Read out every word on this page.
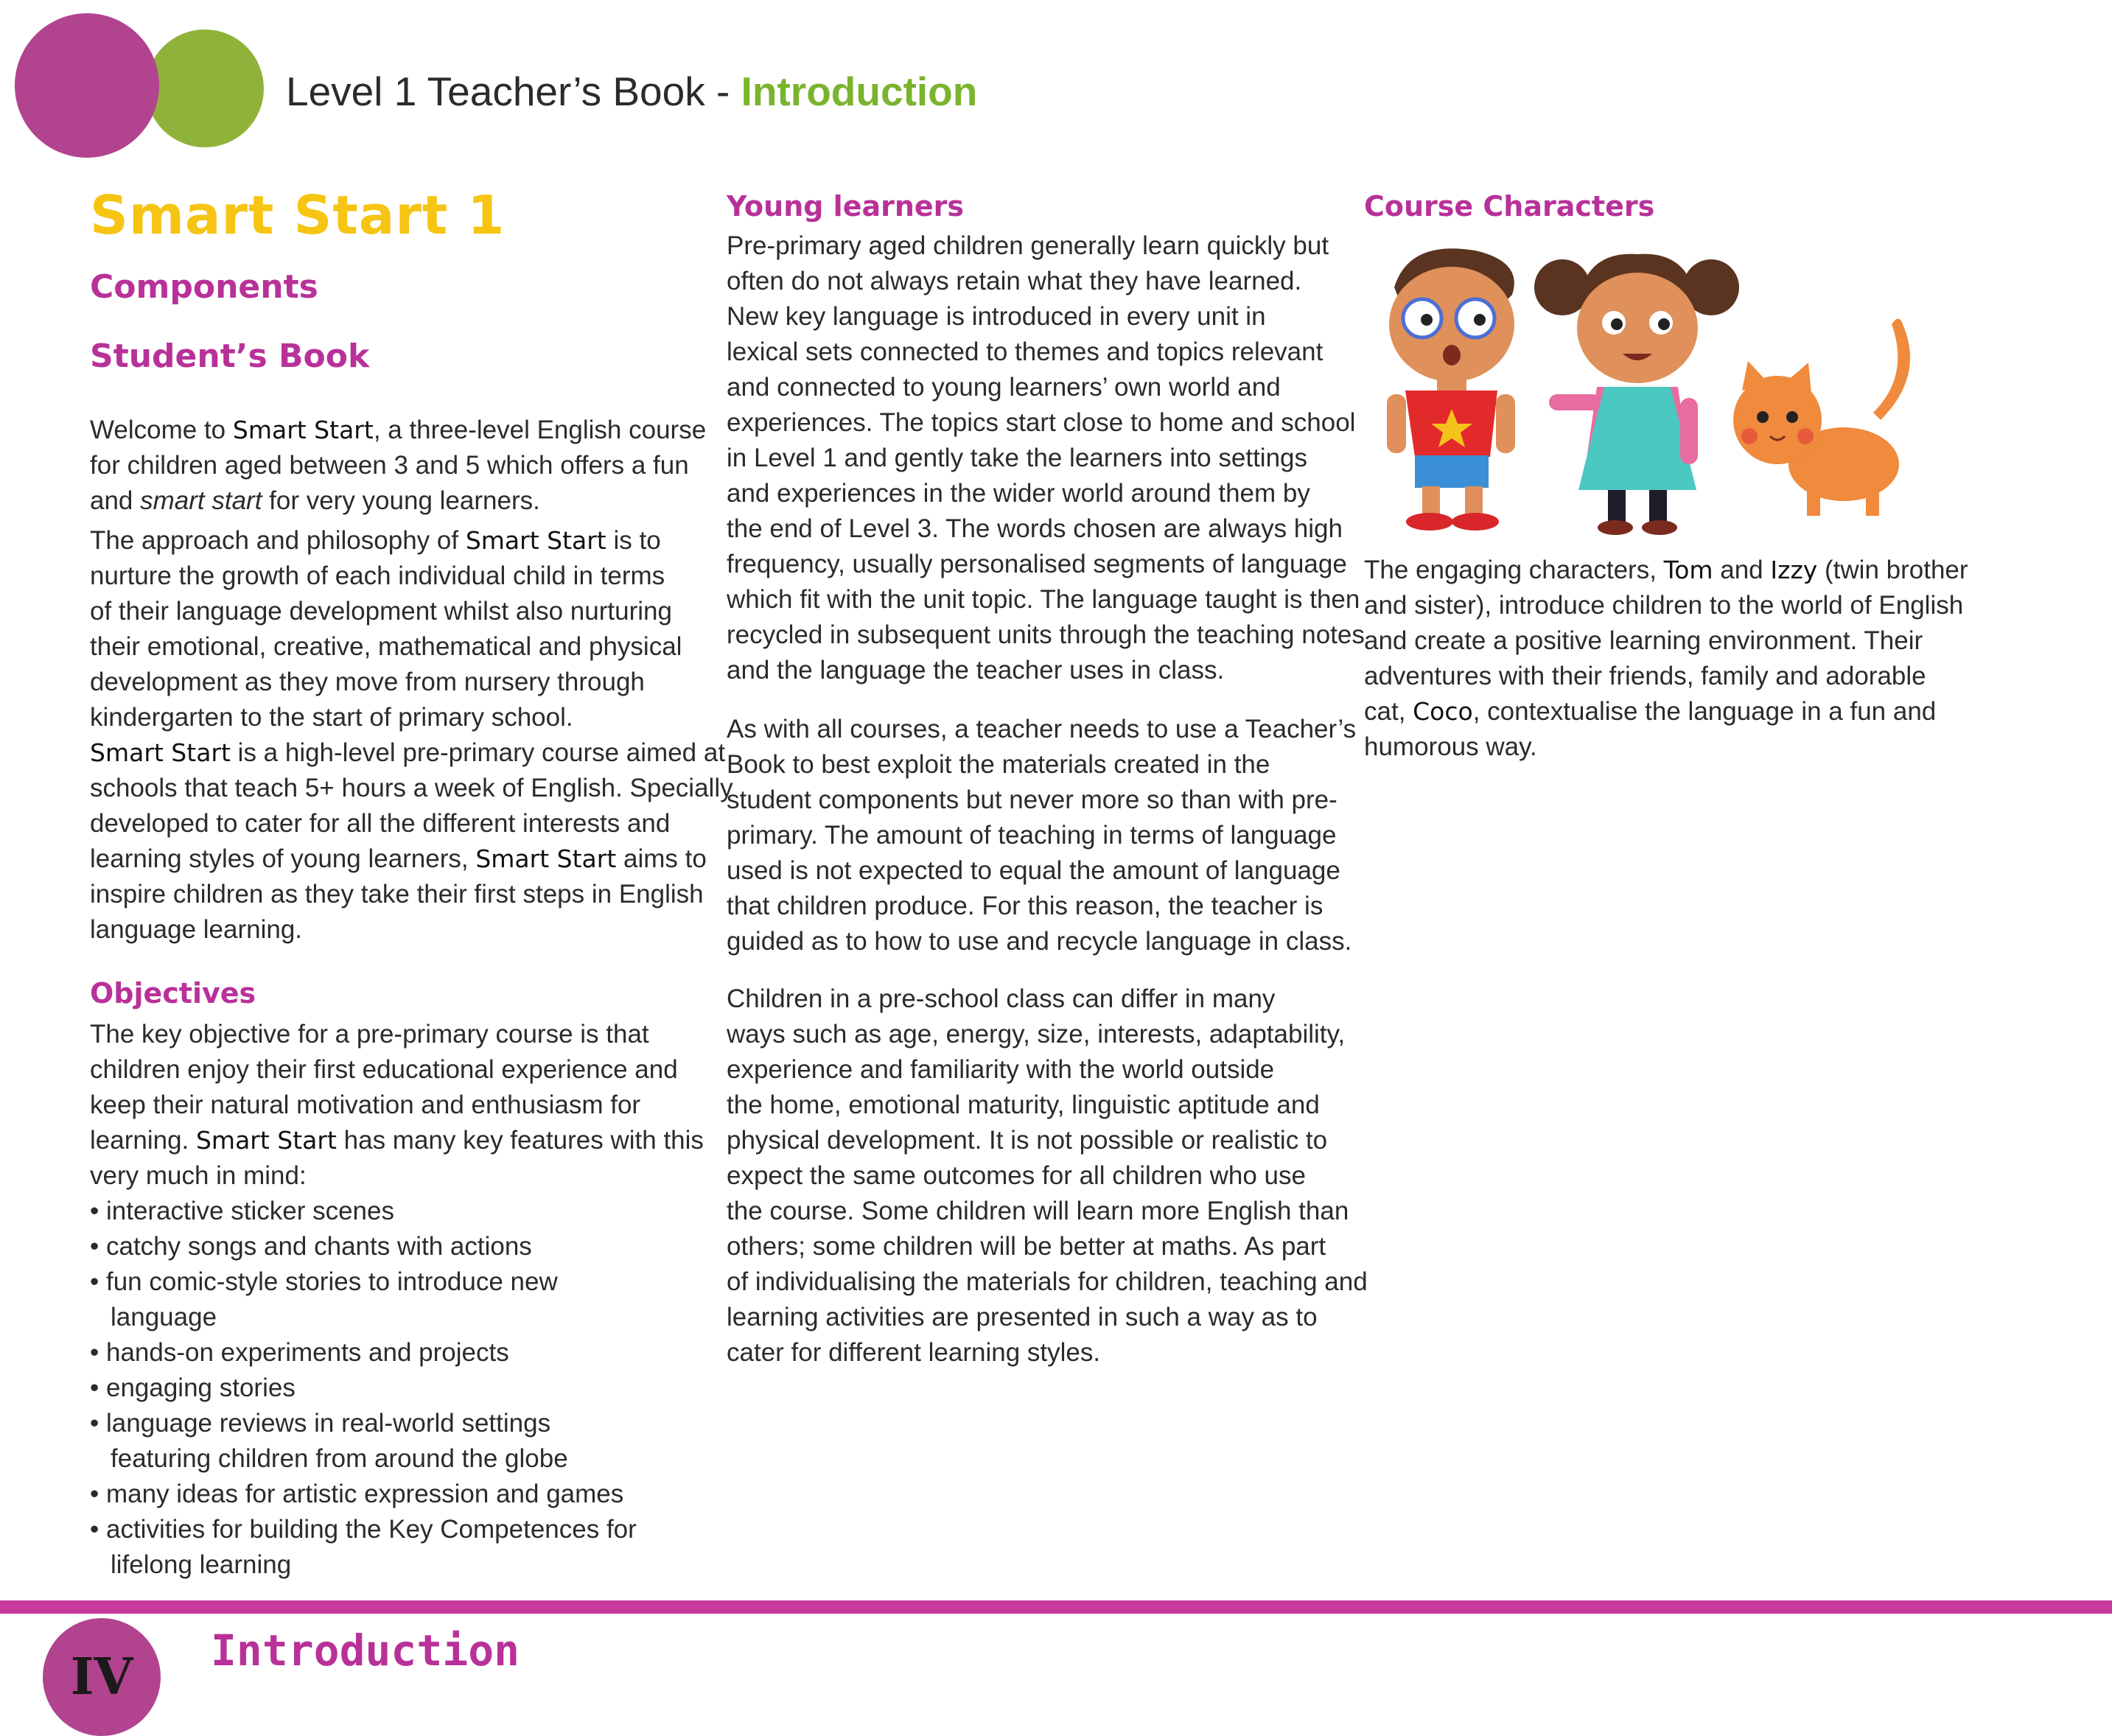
Level 1 Teacher’s Book - Introduction
Smart Start 1
Components
Student’s Book

Welcome to Smart Start, a three-level English course

for children aged between 3 and 5 which offers a fun

and smart start for very young learners.

The approach and philosophy of Smart Start is to

nurture the growth of each individual child in terms

of their language development whilst also nurturing

their emotional, creative, mathematical and physical

development as they move from nursery through

kindergarten to the start of primary school.

Smart Start is a high-level pre-primary course aimed at

schools that teach 5+ hours a week of English. Specially

developed to cater for all the different interests and

learning styles of young learners, Smart Start aims to

inspire children as they take their first steps in English

language learning.

Objectives

The key objective for a pre-primary course is that

children enjoy their first educational experience and

keep their natural motivation and enthusiasm for

learning. Smart Start has many key features with this

very much in mind:

• interactive sticker scenes
• catchy songs and chants with actions
• fun comic-style stories to introduce new language
• hands-on experiments and projects
• engaging stories
• language reviews in real-world settings featuring children from around the globe
• many ideas for artistic expression and games
• activities for building the Key Competences for lifelong learning
Young learners

Pre-primary aged children generally learn quickly but

often do not always retain what they have learned.

New key language is introduced in every unit in

lexical sets connected to themes and topics relevant

and connected to young learners’ own world and

experiences. The topics start close to home and school

in Level 1 and gently take the learners into settings

and experiences in the wider world around them by

the end of Level 3. The words chosen are always high

frequency, usually personalised segments of language

which fit with the unit topic. The language taught is then

recycled in subsequent units through the teaching notes

and the language the teacher uses in class.

As with all courses, a teacher needs to use a Teacher’s

Book to best exploit the materials created in the

student components but never more so than with pre-

primary. The amount of teaching in terms of language

used is not expected to equal the amount of language

that children produce. For this reason, the teacher is

guided as to how to use and recycle language in class.

Children in a pre-school class can differ in many

ways such as age, energy, size, interests, adaptability,

experience and familiarity with the world outside

the home, emotional maturity, linguistic aptitude and

physical development. It is not possible or realistic to

expect the same outcomes for all children who use

the course. Some children will learn more English than

others; some children will be better at maths. As part

of individualising the materials for children, teaching and

learning activities are presented in such a way as to

cater for different learning styles.

Course Characters

The engaging characters, Tom and Izzy (twin brother

and sister), introduce children to the world of English

and create a positive learning environment. Their

adventures with their friends, family and adorable

cat, Coco, contextualise the language in a fun and

humorous way.

IV	Introduction
